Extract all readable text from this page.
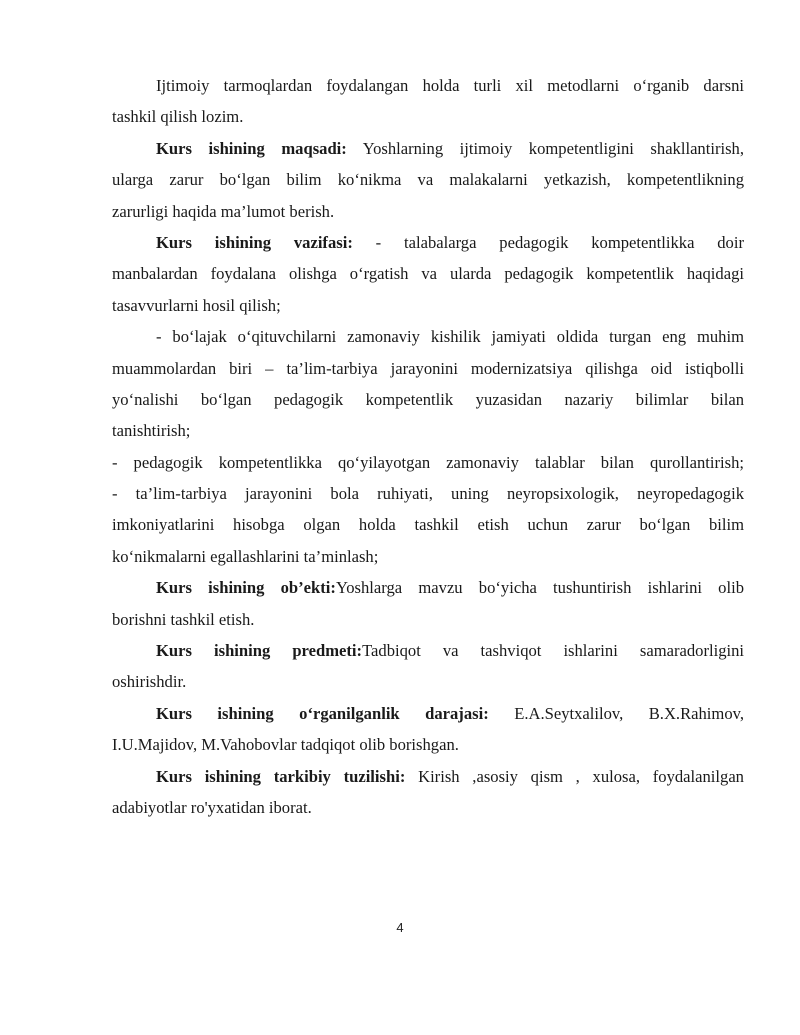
Ijtimoiy tarmoqlardan foydalangan holda turli xil metodlarni o‘rganib darsni
tashkil qilish lozim.
Kurs ishining maqsadi: Yoshlarning ijtimoiy kompetentligini shakllantirish,
ularga zarur bo‘lgan bilim ko‘nikma va malakalarni yetkazish, kompetentlikning
zarurligi haqida ma’lumot berish.
Kurs ishining vazifasi: - talabalarga pedagogik kompetentlikka doir
manbalardan foydalana olishga o‘rgatish va ularda pedagogik kompetentlik haqidagi
tasavvurlarni hosil qilish;
- bo‘lajak o‘qituvchilarni zamonaviy kishilik jamiyati oldida turgan eng muhim
muammolardan biri – ta’lim-tarbiya jarayonini modernizatsiya qilishga oid istiqbolli
yo‘nalishi bo‘lgan pedagogik kompetentlik yuzasidan nazariy bilimlar bilan
tanishtirish;
- pedagogik kompetentlikka qo‘yilayotgan zamonaviy talablar bilan qurollantirish;
- ta’lim-tarbiya jarayonini bola ruhiyati, uning neyropsixologik, neyropedagogik
imkoniyatlarini hisobga olgan holda tashkil etish uchun zarur bo‘lgan bilim
ko‘nikmalarni egallashlarini ta’minlash;
Kurs ishining ob’ekti:Yoshlarga mavzu bo‘yicha tushuntirish ishlarini olib
borishni tashkil etish.
Kurs ishining predmeti:Tadbiqot va tashviqot ishlarini samaradorligini
oshirishdir.
Kurs ishining o‘rganilganlik darajasi: E.A.Seytxalilov, B.X.Rahimov,
I.U.Majidov, M.Vahobovlar tadqiqot olib borishgan.
Kurs ishining tarkibiy tuzilishi: Kirish ,asosiy qism , xulosa, foydalanilgan
adabiyotlar ro'yxatidan iborat.
4
